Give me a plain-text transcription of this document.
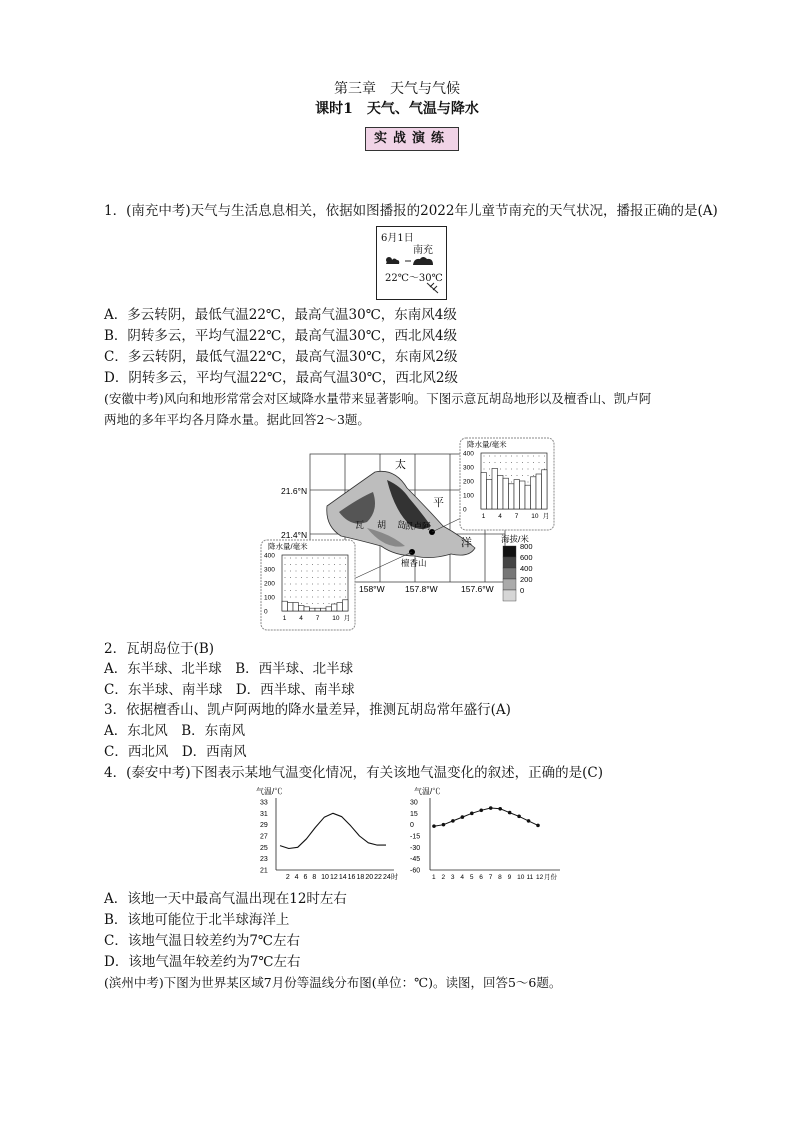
第三章　天气与气候
课时1　天气、气温与降水
实战演练
1．(南充中考)天气与生活息息相关，依据如图播报的2022年儿童节南充的天气状况，播报正确的是(A)
6月1日
南充
22℃～30℃
A．多云转阴，最低气温22℃，最高气温30℃，东南风4级
B．阴转多云，平均气温22℃，最高气温30℃，西北风4级
C．多云转阴，最低气温22℃，最高气温30℃，东南风2级
D．阴转多云，平均气温22℃，最高气温30℃，西北风2级
(安徽中考)风向和地形常常会对区域降水量带来显著影响。下图示意瓦胡岛地形以及檀香山、凯卢阿
两地的多年平均各月降水量。据此回答2～3题。
太
平
洋
瓦 胡 岛
凯卢阿
檀香山
21.6°N
21.4°N
158°W 157.8°W	157.6°W
海拔/米
800
600
400
200
0
降水量/毫米
400
300
200
100
0
1 4 7 10 月
降水量/毫米
400
300
200
100
0
1 4 7 10 月
2．瓦胡岛位于(B)
A．东半球、北半球　B．西半球、北半球
C．东半球、南半球　D．西半球、南半球
3．依据檀香山、凯卢阿两地的降水量差异，推测瓦胡岛常年盛行(A)
A．东北风　B．东南风
C．西北风　D．西南风
4．(泰安中考)下图表示某地气温变化情况，有关该地气温变化的叙述，正确的是(C)
气温/℃
33
31
29
27
25
23
21
2 4 6 8 10 12 14 16 18 20 22 24 时
气温/℃
30
15
0
-15
-30
-45
-60
1 2 3 4 5 6 7 8 9 10 11 12 月份
A．该地一天中最高气温出现在12时左右
B．该地可能位于北半球海洋上
C．该地气温日较差约为7℃左右
D．该地气温年较差约为7℃左右
(滨州中考)下图为世界某区域7月份等温线分布图(单位：℃)。读图，回答5～6题。
